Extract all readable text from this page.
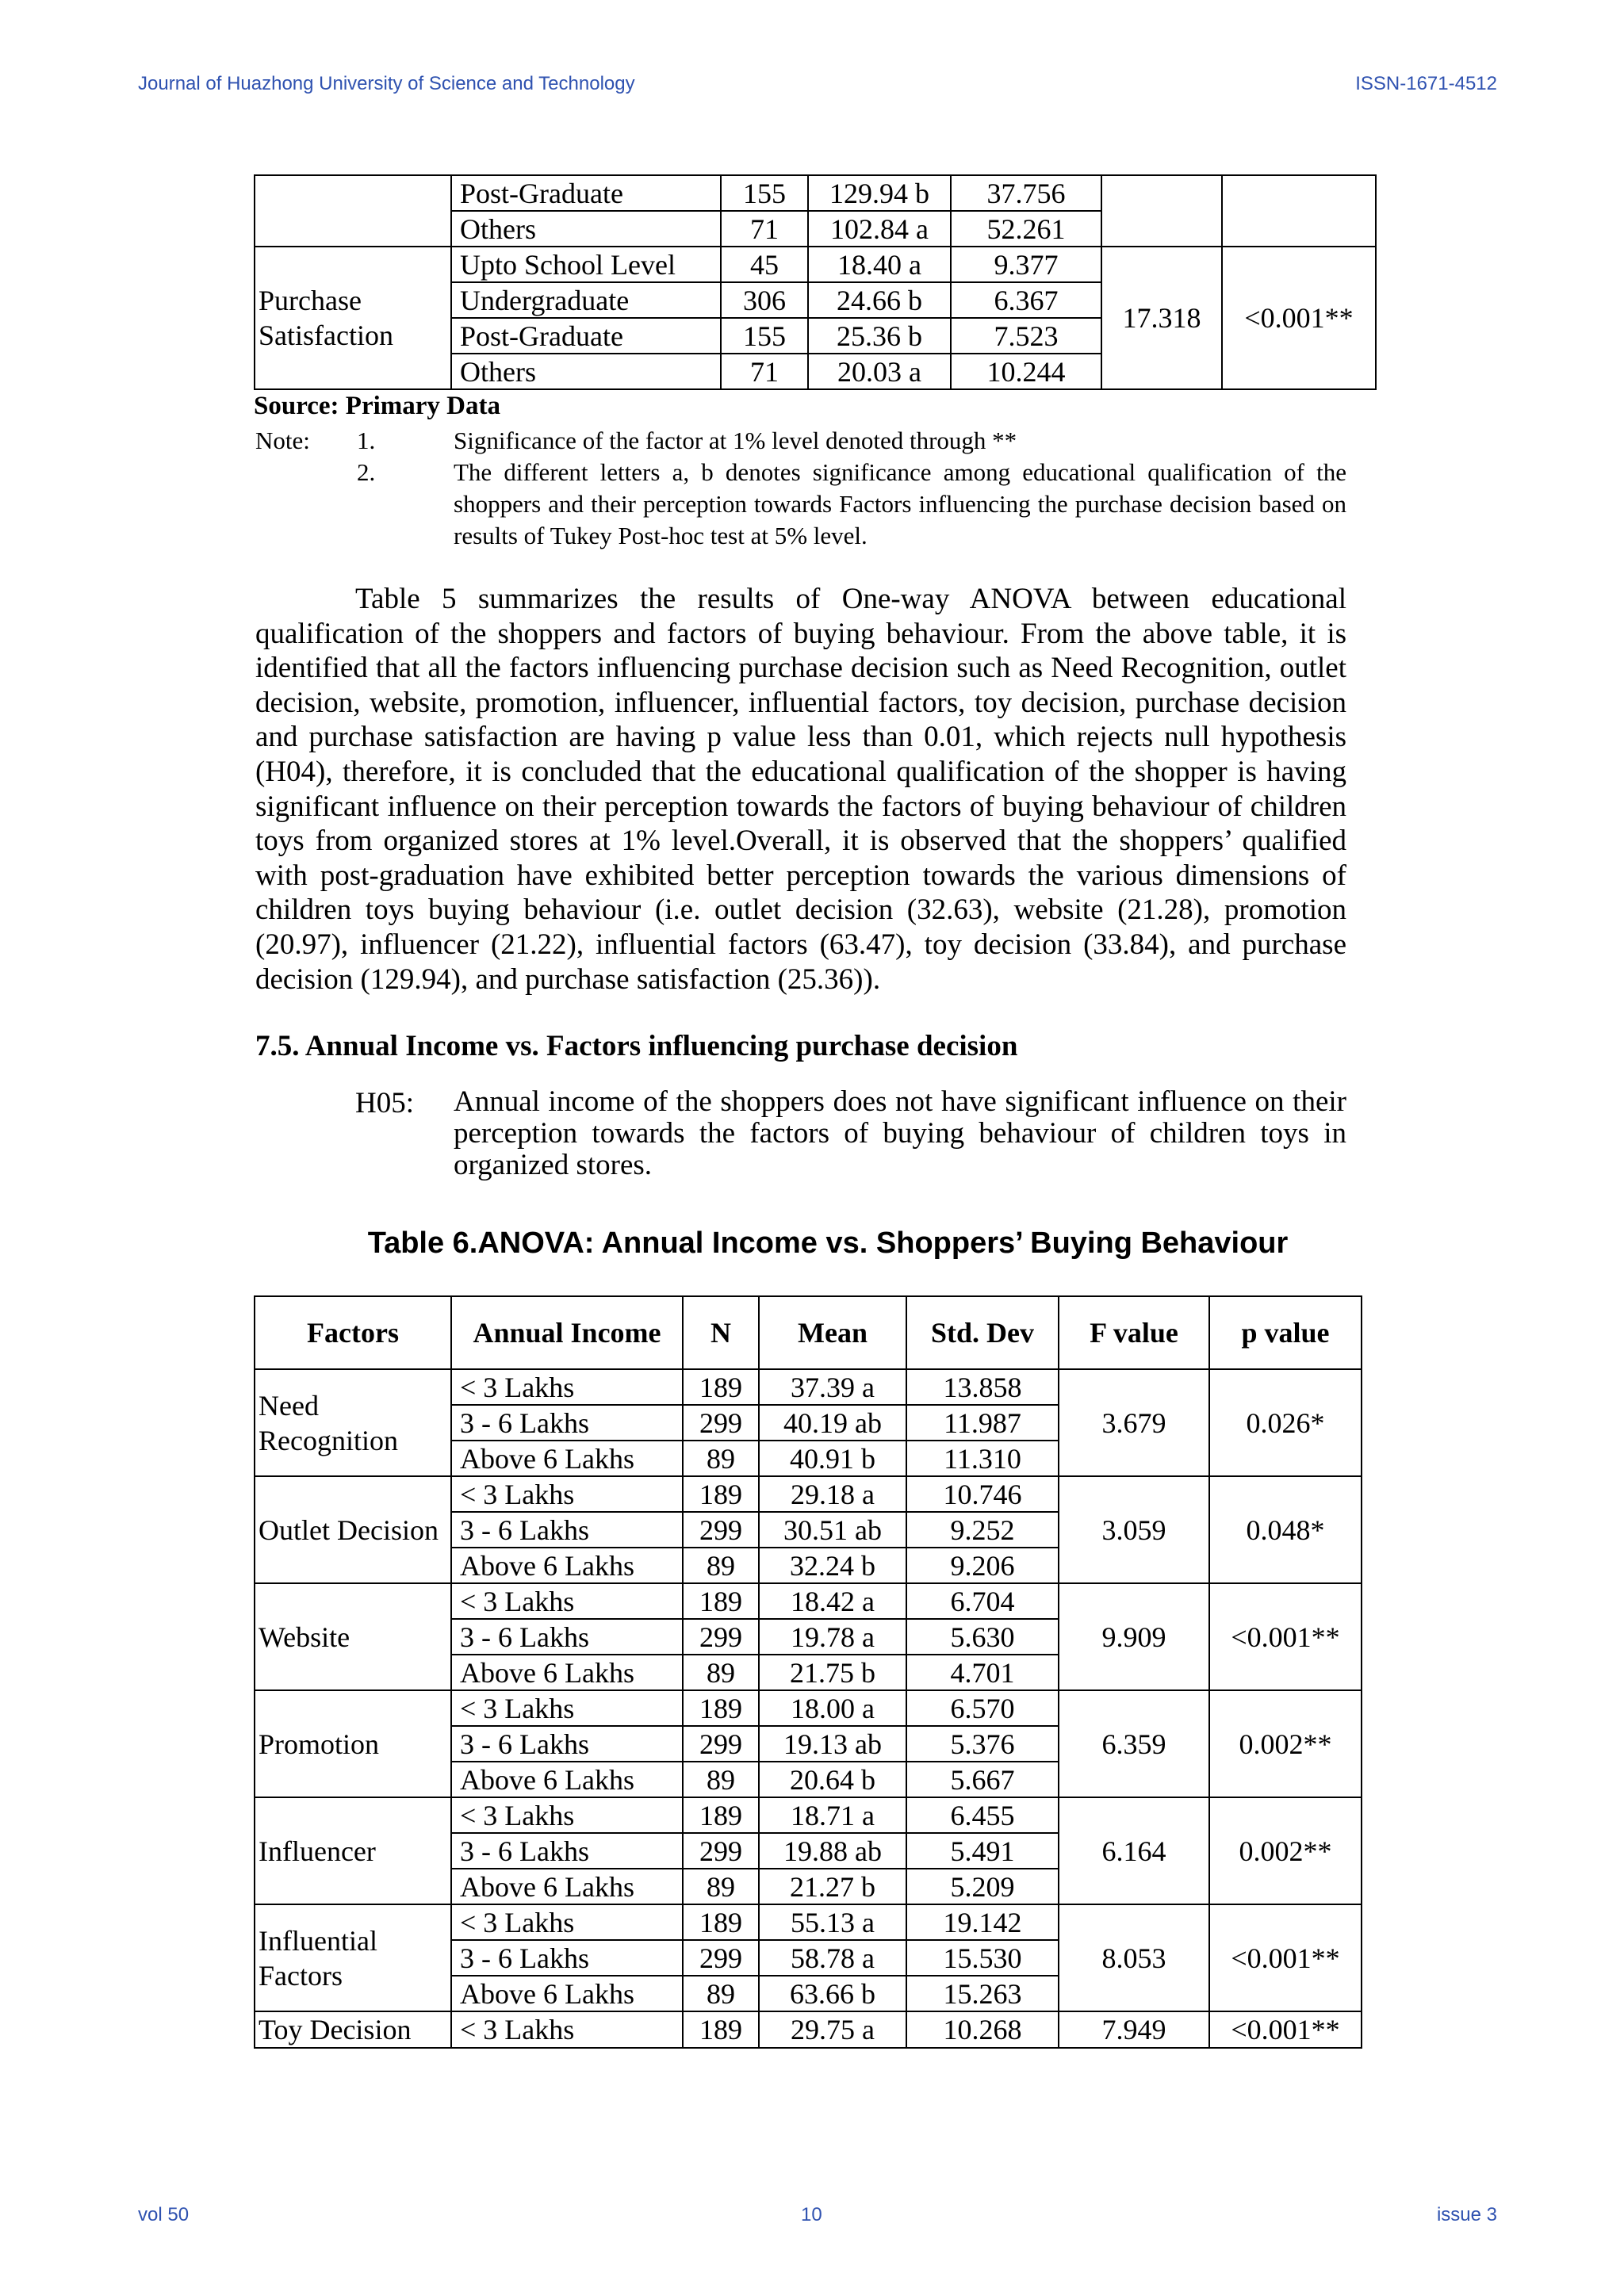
Journal of Huazhong University of Science and Technology	ISSN-1671-4512
	Post-Graduate	155	129.94 b	37.756		
	Others	71	102.84 a	52.261		
Purchase Satisfaction	Upto School Level	45	18.40 a	9.377	17.318	<0.001**
	Undergraduate	306	24.66 b	6.367		
	Post-Graduate	155	25.36 b	7.523		
	Others	71	20.03 a	10.244		
Source: Primary Data
Note: 1.	Significance of the factor at 1% level denoted through **
2.	The different letters a, b denotes significance among educational qualification of the shoppers and their perception towards Factors influencing the purchase decision based on results of Tukey Post-hoc test at 5% level.
Table 5 summarizes the results of One-way ANOVA between educational qualification of the shoppers and factors of buying behaviour. From the above table, it is identified that all the factors influencing purchase decision such as Need Recognition, outlet decision, website, promotion, influencer, influential factors, toy decision, purchase decision and purchase satisfaction are having p value less than 0.01, which rejects null hypothesis (H04), therefore, it is concluded that the educational qualification of the shopper is having significant influence on their perception towards the factors of buying behaviour of children toys from organized stores at 1% level.Overall, it is observed that the shoppers’ qualified with post-graduation have exhibited better perception towards the various dimensions of children toys buying behaviour (i.e. outlet decision (32.63), website (21.28), promotion (20.97), influencer (21.22), influential factors (63.47), toy decision (33.84), and purchase decision (129.94), and purchase satisfaction (25.36)).
7.5. Annual Income vs. Factors influencing purchase decision
H05: Annual income of the shoppers does not have significant influence on their perception towards the factors of buying behaviour of children toys in organized stores.
Table 6.ANOVA: Annual Income vs. Shoppers’ Buying Behaviour
Factors	Annual Income	N	Mean	Std. Dev	F value	p value
Need Recognition	< 3 Lakhs	189	37.39 a	13.858	3.679	0.026*
	3 - 6 Lakhs	299	40.19 ab	11.987		
	Above 6 Lakhs	89	40.91 b	11.310		
Outlet Decision	< 3 Lakhs	189	29.18 a	10.746	3.059	0.048*
	3 - 6 Lakhs	299	30.51 ab	9.252		
	Above 6 Lakhs	89	32.24 b	9.206		
Website	< 3 Lakhs	189	18.42 a	6.704	9.909	<0.001**
	3 - 6 Lakhs	299	19.78 a	5.630		
	Above 6 Lakhs	89	21.75 b	4.701		
Promotion	< 3 Lakhs	189	18.00 a	6.570	6.359	0.002**
	3 - 6 Lakhs	299	19.13 ab	5.376		
	Above 6 Lakhs	89	20.64 b	5.667		
Influencer	< 3 Lakhs	189	18.71 a	6.455	6.164	0.002**
	3 - 6 Lakhs	299	19.88 ab	5.491		
	Above 6 Lakhs	89	21.27 b	5.209		
Influential Factors	< 3 Lakhs	189	55.13 a	19.142	8.053	<0.001**
	3 - 6 Lakhs	299	58.78 a	15.530		
	Above 6 Lakhs	89	63.66 b	15.263		
Toy Decision	< 3 Lakhs	189	29.75 a	10.268	7.949	<0.001**
vol 50	10	issue 3
